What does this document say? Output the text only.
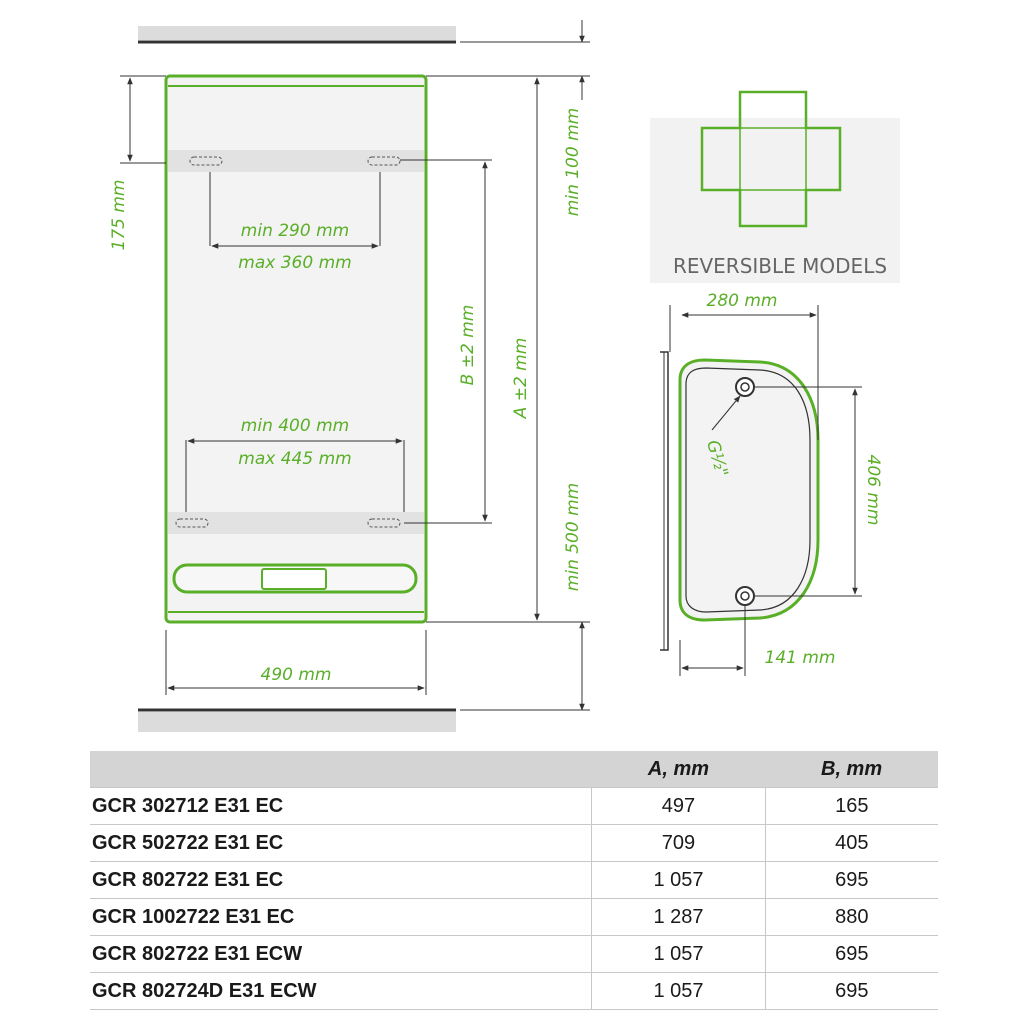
175 mm	min 290 mm
max 360 mm
min 400 mm
max 445 mm
490 mm
B ±2 mm A ±2 mm
min 100 mm
min 500 mm
REVERSIBLE MODELS
280 mm
406 mm
141 mm
G½"
	A, mm	B, mm
GCR 302712 E31 EC	497	165
GCR 502722 E31 EC	709	405
GCR 802722 E31 EC	1 057	695
GCR 1002722 E31 EC	1 287	880
GCR 802722 E31 ECW	1 057	695
GCR 802724D E31 ECW	1 057	695
